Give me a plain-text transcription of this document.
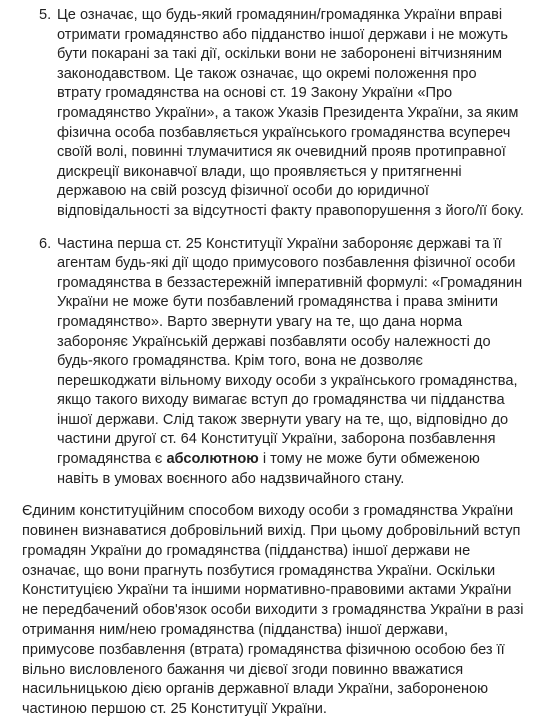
5. Це означає, що будь-який громадянин/громадянка України вправі отримати громадянство або підданство іншої держави і не можуть бути покарані за такі дії, оскільки вони не заборонені вітчизняним законодавством. Це також означає, що окремі положення про втрату громадянства на основі ст. 19 Закону України «Про громадянство України», а також Указів Президента України, за яким фізична особа позбавляється українського громадянства всупереч своїй волі, повинні тлумачитися як очевидний прояв протиправної дискреції виконавчої влади, що проявляється у притягненні державою на свій розсуд фізичної особи до юридичної відповідальності за відсутності факту правопорушення з його/її боку.

6. Частина перша ст. 25 Конституції України забороняє державі та її агентам будь-які дії щодо примусового позбавлення фізичної особи громадянства в беззастережній імперативній формулі: «Громадянин України не може бути позбавлений громадянства і права змінити громадянство». Варто звернути увагу на те, що дана норма забороняє Українській державі позбавляти особу належності до будь-якого громадянства. Крім того, вона не дозволяє перешкоджати вільному виходу особи з українського громадянства, якщо такого виходу вимагає вступ до громадянства чи підданства іншої держави. Слід також звернути увагу на те, що, відповідно до частини другої ст. 64 Конституції України, заборона позбавлення громадянства є абсолютною і тому не може бути обмеженою навіть в умовах воєнного або надзвичайного стану.

Єдиним конституційним способом виходу особи з громадянства України повинен визнаватися добровільний вихід. При цьому добровільний вступ громадян України до громадянства (підданства) іншої держави не означає, що вони прагнуть позбутися громадянства України. Оскільки Конституцією України та іншими нормативно-правовими актами України не передбачений обов'язок особи виходити з громадянства України в разі отримання ним/нею громадянства (підданства) іншої держави, примусове позбавлення (втрата) громадянства фізичною особою без її вільно висловленого бажання чи дієвої згоди повинно вважатися насильницькою дією органів державної влади України, забороненою частиною першою ст. 25 Конституції України.
